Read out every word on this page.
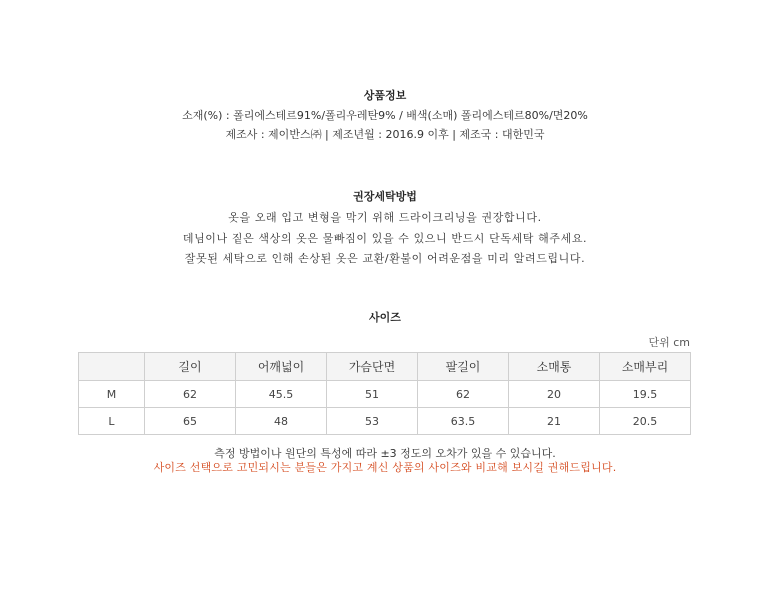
상품정보
소재(%) : 폴리에스테르91%/폴리우레탄9% / 배색(소매) 폴리에스테르80%/면20%
제조사 : 제이반스㈜ | 제조년월 : 2016.9 이후 | 제조국 : 대한민국
권장세탁방법
옷을 오래 입고 변형을 막기 위해 드라이크리닝을 권장합니다.
데님이나 짙은 색상의 옷은 물빠짐이 있을 수 있으니 반드시 단독세탁 해주세요.
잘못된 세탁으로 인해 손상된 옷은 교환/환불이 어려운점을 미리 알려드립니다.
사이즈
단위 cm
	길이	어깨넓이	가슴단면	팔길이	소매통	소매부리
M	62	45.5	51	62	20	19.5
L	65	48	53	63.5	21	20.5
측정 방법이나 원단의 특성에 따라 ±3 정도의 오차가 있을 수 있습니다.
사이즈 선택으로 고민되시는 분들은 가지고 계신 상품의 사이즈와 비교해 보시길 권해드립니다.
